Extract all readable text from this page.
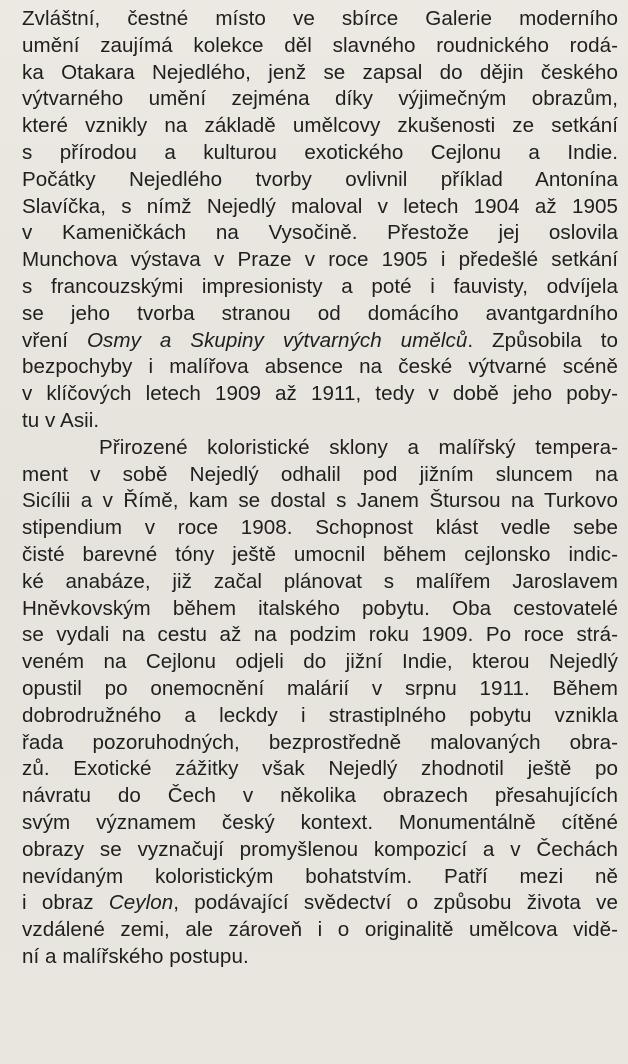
Zvláštní, čestné místo ve sbírce Galerie moderního
umění zaujímá kolekce děl slavného roudnického rodá-
ka Otakara Nejedlého, jenž se zapsal do dějin českého
výtvarného umění zejména díky výjimečným obrazům,
které vznikly na základě umělcovy zkušenosti ze setkání
s přírodou a kulturou exotického Cejlonu a Indie.
Počátky Nejedlého tvorby ovlivnil příklad Antonína
Slavíčka, s nímž Nejedlý maloval v letech 1904 až 1905
v Kameničkách na Vysočině. Přestože jej oslovila
Munchova výstava v Praze v roce 1905 i předešlé setkání
s francouzskými impresionisty a poté i fauvisty, odvíjela
se jeho tvorba stranou od domácího avantgardního
vření Osmy a Skupiny výtvarných umělců. Způsobila to
bezpochyby i malířova absence na české výtvarné scéně
v klíčových letech 1909 až 1911, tedy v době jeho poby-
tu v Asii.

Přirozené koloristické sklony a malířský tempera-
ment v sobě Nejedlý odhalil pod jižním sluncem na
Sicílii a v Římě, kam se dostal s Janem Štursou na Turkovo
stipendium v roce 1908. Schopnost klást vedle sebe
čisté barevné tóny ještě umocnil během cejlonsko indic-
ké anabáze, již začal plánovat s malířem Jaroslavem
Hněvkovským během italského pobytu. Oba cestovatelé
se vydali na cestu až na podzim roku 1909. Po roce strá-
veném na Cejlonu odjeli do jižní Indie, kterou Nejedlý
opustil po onemocnění malárií v srpnu 1911. Během
dobrodružného a leckdy i strastiplného pobytu vznikla
řada pozoruhodných, bezprostředně malovaných obra-
zů. Exotické zážitky však Nejedlý zhodnotil ještě po
návratu do Čech v několika obrazech přesahujících
svým významem český kontext. Monumentálně cítěné
obrazy se vyznačují promyšlenou kompozicí a v Čechách
nevídaným koloristickým bohatstvím. Patří mezi ně
i obraz Ceylon, podávající svědectví o způsobu života ve
vzdálené zemi, ale zároveň i o originalitě umělcova vidě-
ní a malířského postupu.
